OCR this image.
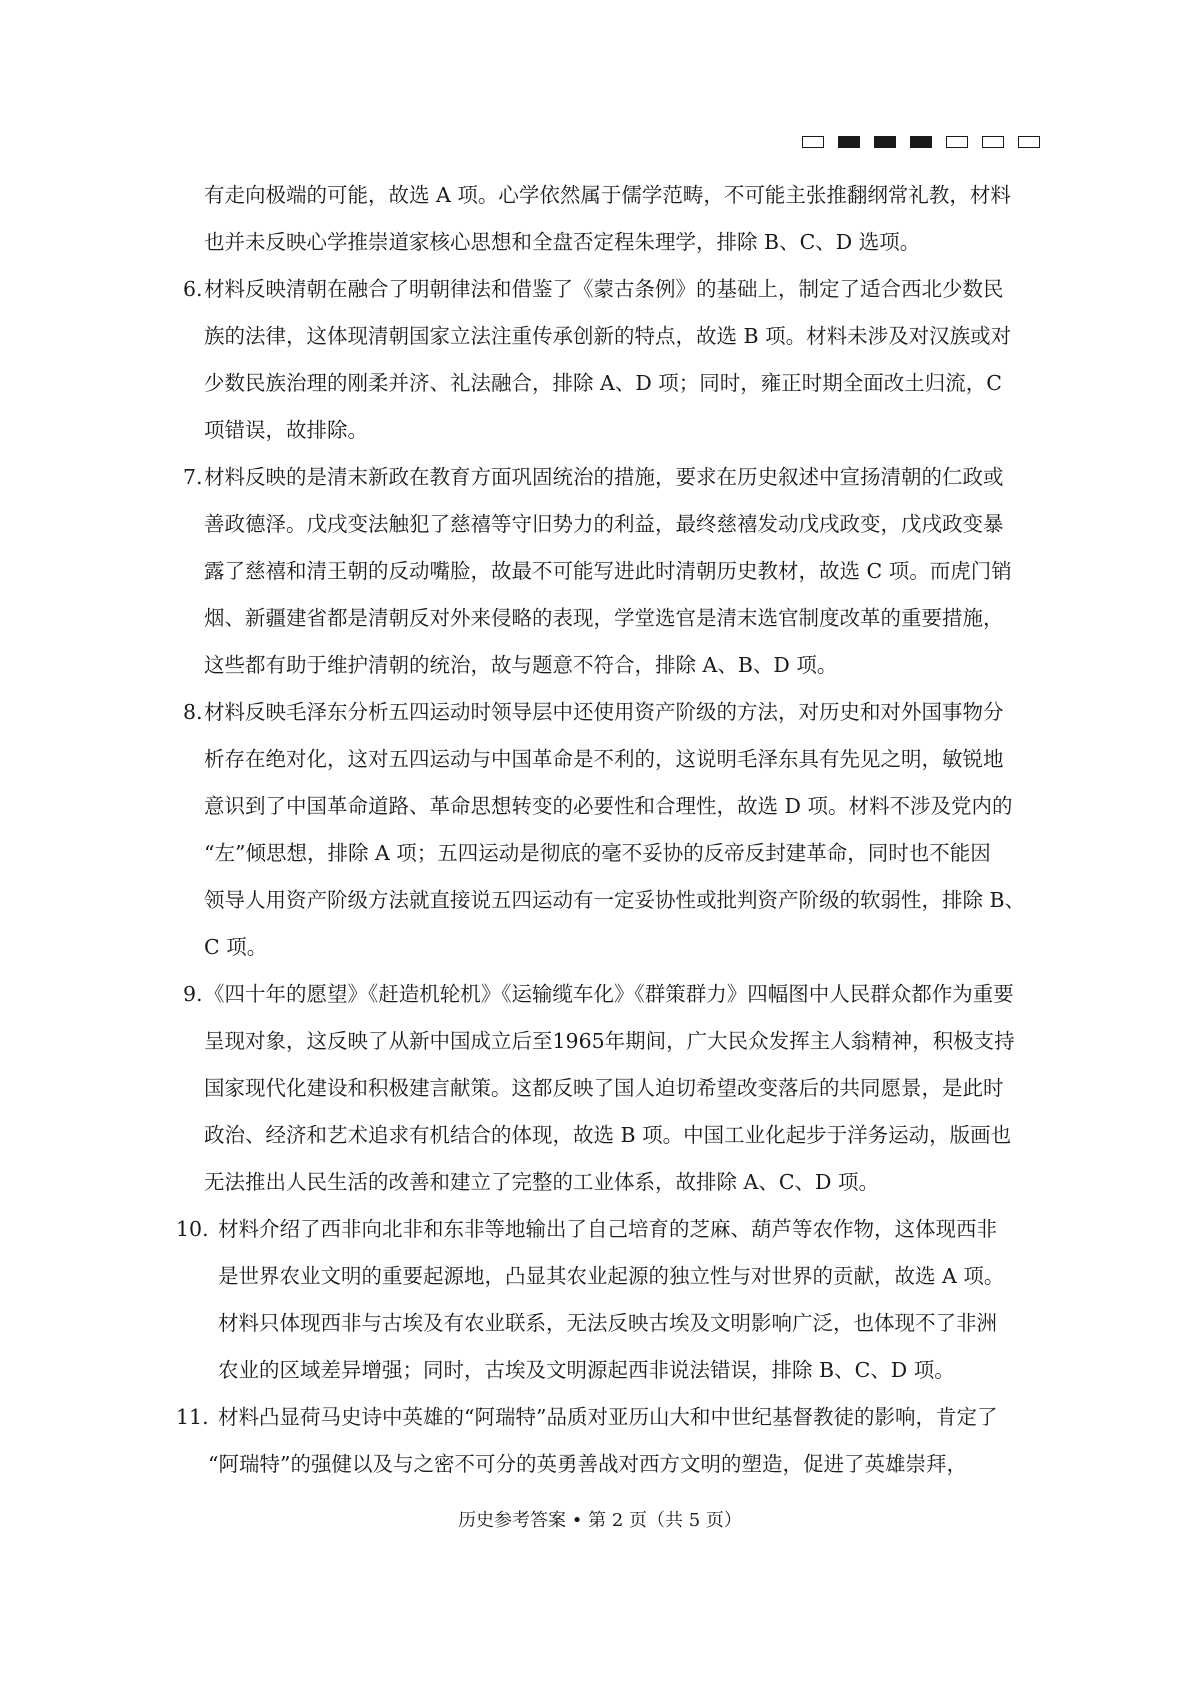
有走向极端的可能，故选 A 项。心学依然属于儒学范畴，不可能主张推翻纲常礼教，材料
也并未反映心学推崇道家核心思想和全盘否定程朱理学，排除 B、C、D 选项。
6. 材料反映清朝在融合了明朝律法和借鉴了《蒙古条例》的基础上，制定了适合西北少数民
族的法律，这体现清朝国家立法注重传承创新的特点，故选 B 项。材料未涉及对汉族或对
少数民族治理的刚柔并济、礼法融合，排除 A、D 项；同时，雍正时期全面改土归流，C
项错误，故排除。
7. 材料反映的是清末新政在教育方面巩固统治的措施，要求在历史叙述中宣扬清朝的仁政或
善政德泽。戊戌变法触犯了慈禧等守旧势力的利益，最终慈禧发动戊戌政变，戊戌政变暴
露了慈禧和清王朝的反动嘴脸，故最不可能写进此时清朝历史教材，故选 C 项。而虎门销
烟、新疆建省都是清朝反对外来侵略的表现，学堂选官是清末选官制度改革的重要措施，
这些都有助于维护清朝的统治，故与题意不符合，排除 A、B、D 项。
8. 材料反映毛泽东分析五四运动时领导层中还使用资产阶级的方法，对历史和对外国事物分
析存在绝对化，这对五四运动与中国革命是不利的，这说明毛泽东具有先见之明，敏锐地
意识到了中国革命道路、革命思想转变的必要性和合理性，故选 D 项。材料不涉及党内的
“左”倾思想，排除 A 项；五四运动是彻底的毫不妥协的反帝反封建革命，同时也不能因
领导人用资产阶级方法就直接说五四运动有一定妥协性或批判资产阶级的软弱性，排除 B、
C 项。
9. 《四十年的愿望》《赶造机轮机》《运输缆车化》《群策群力》四幅图中人民群众都作为重要
呈现对象，这反映了从新中国成立后至1965年期间，广大民众发挥主人翁精神，积极支持
国家现代化建设和积极建言献策。这都反映了国人迫切希望改变落后的共同愿景，是此时
政治、经济和艺术追求有机结合的体现，故选 B 项。中国工业化起步于洋务运动，版画也
无法推出人民生活的改善和建立了完整的工业体系，故排除 A、C、D 项。
10. 材料介绍了西非向北非和东非等地输出了自己培育的芝麻、葫芦等农作物，这体现西非
是世界农业文明的重要起源地，凸显其农业起源的独立性与对世界的贡献，故选 A 项。
材料只体现西非与古埃及有农业联系，无法反映古埃及文明影响广泛，也体现不了非洲
农业的区域差异增强；同时，古埃及文明源起西非说法错误，排除 B、C、D 项。
11. 材料凸显荷马史诗中英雄的“阿瑞特”品质对亚历山大和中世纪基督教徒的影响，肯定了
“阿瑞特”的强健以及与之密不可分的英勇善战对西方文明的塑造，促进了英雄崇拜，
历史参考答案 • 第 2 页（共 5 页）
